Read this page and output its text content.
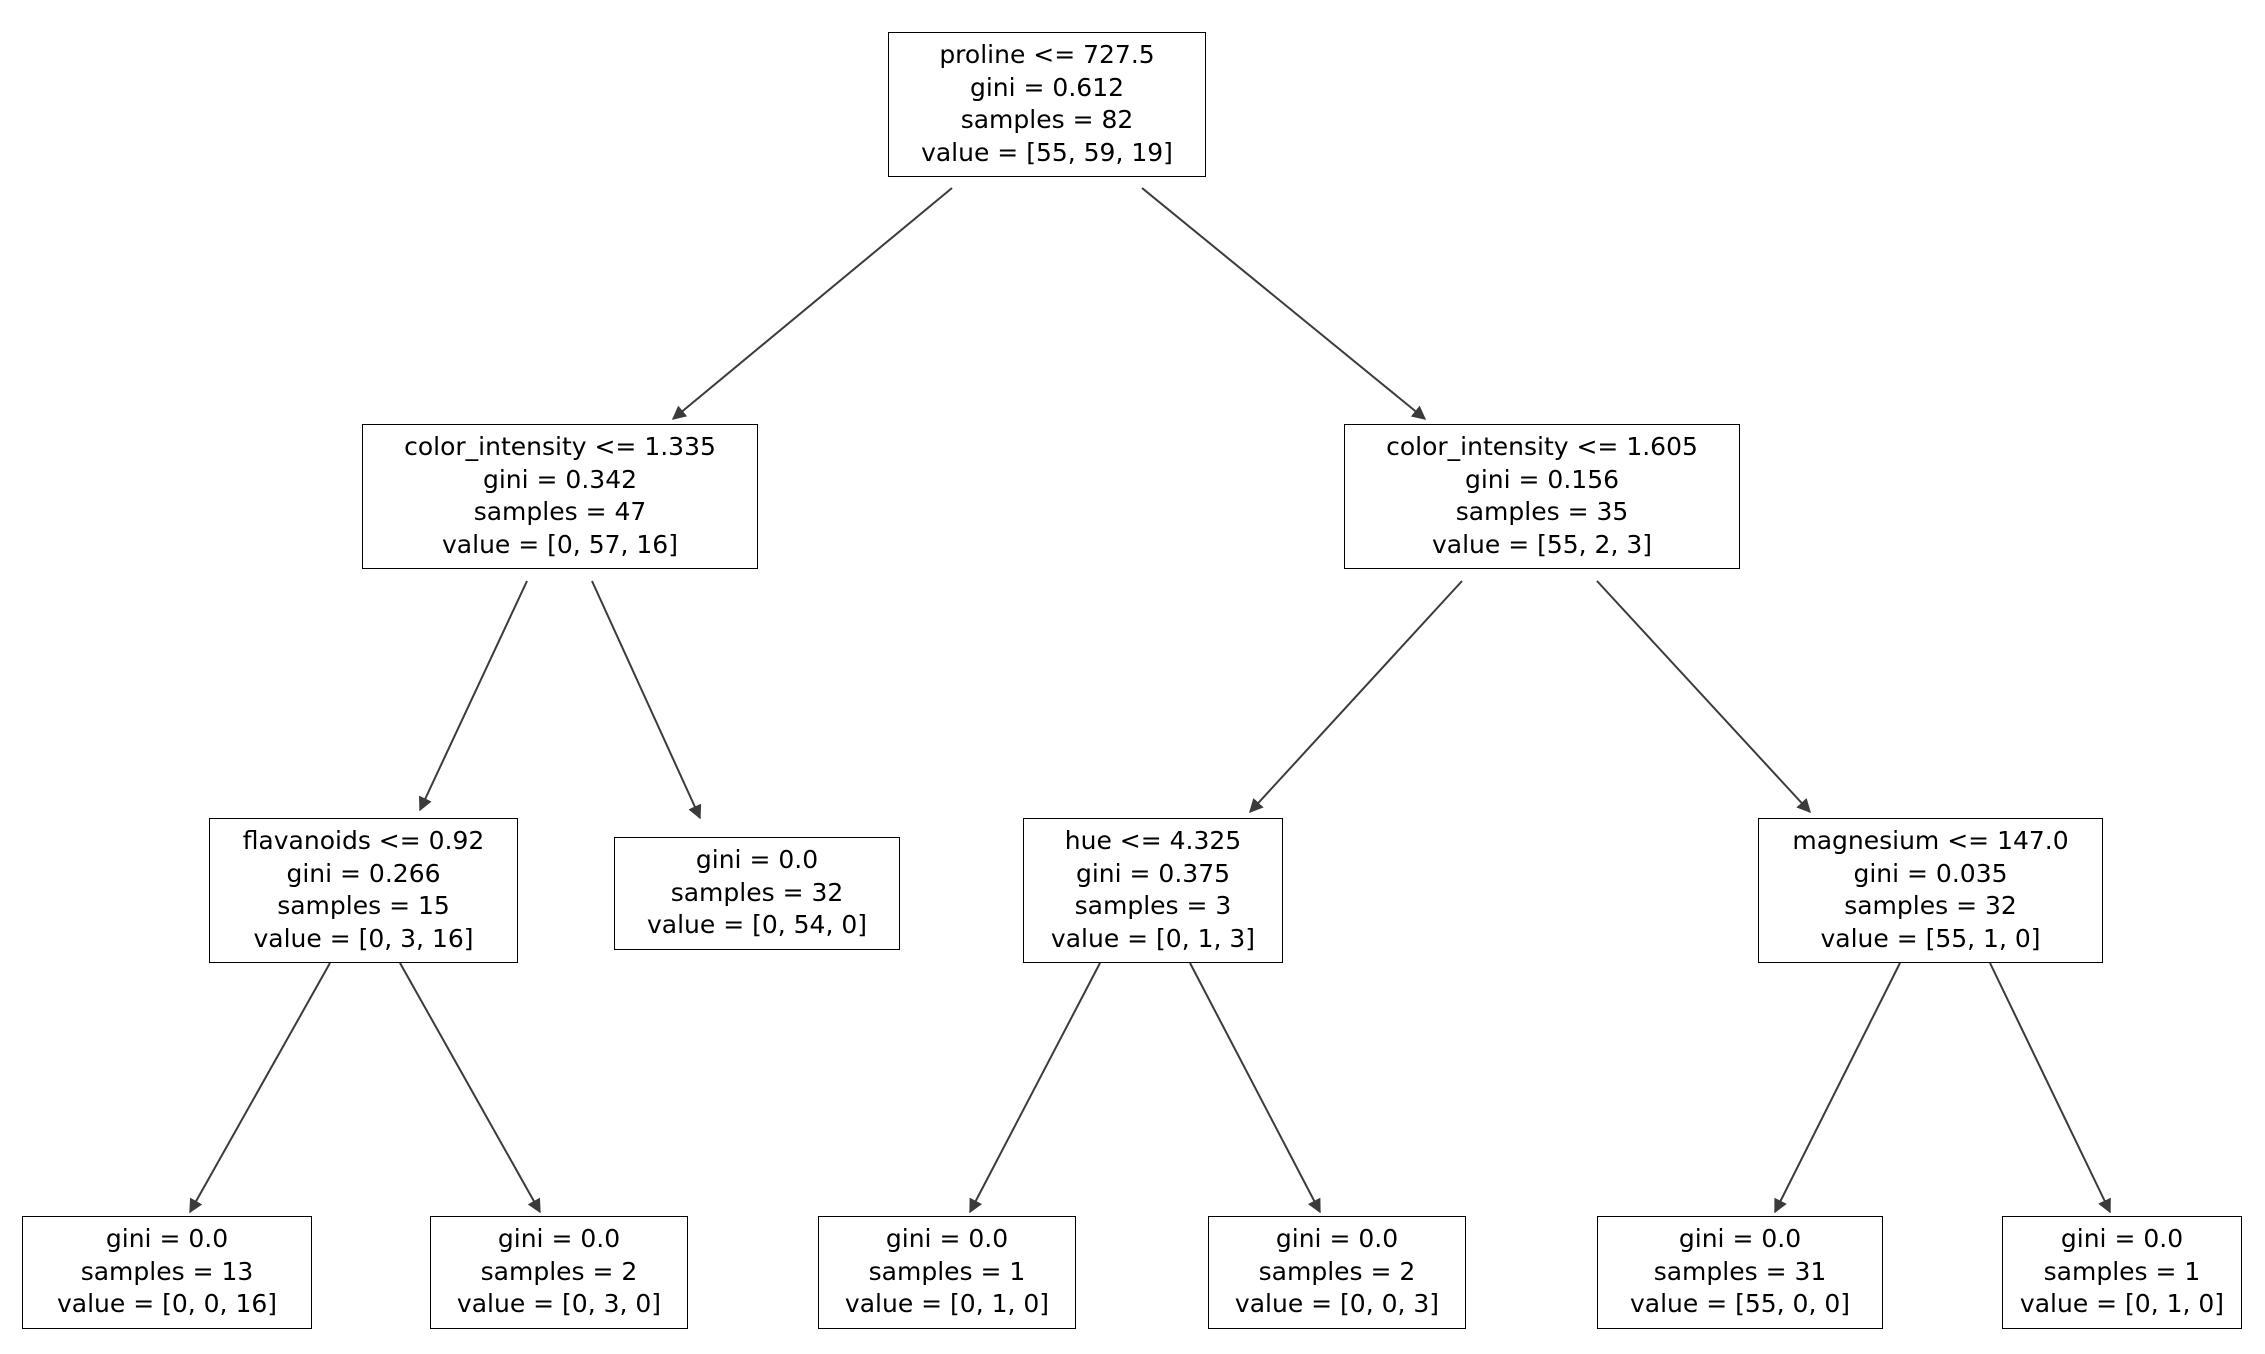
proline <= 727.5
gini = 0.612
samples = 82
value = [55, 59, 19]
color_intensity <= 1.335
gini = 0.342
samples = 47
value = [0, 57, 16]
color_intensity <= 1.605
gini = 0.156
samples = 35
value = [55, 2, 3]
flavanoids <= 0.92
gini = 0.266
samples = 15
value = [0, 3, 16]
gini = 0.0
samples = 32
value = [0, 54, 0]
hue <= 4.325
gini = 0.375
samples = 3
value = [0, 1, 3]
magnesium <= 147.0
gini = 0.035
samples = 32
value = [55, 1, 0]
gini = 0.0
samples = 13
value = [0, 0, 16]
gini = 0.0
samples = 2
value = [0, 3, 0]
gini = 0.0
samples = 1
value = [0, 1, 0]
gini = 0.0
samples = 2
value = [0, 0, 3]
gini = 0.0
samples = 31
value = [55, 0, 0]
gini = 0.0
samples = 1
value = [0, 1, 0]
